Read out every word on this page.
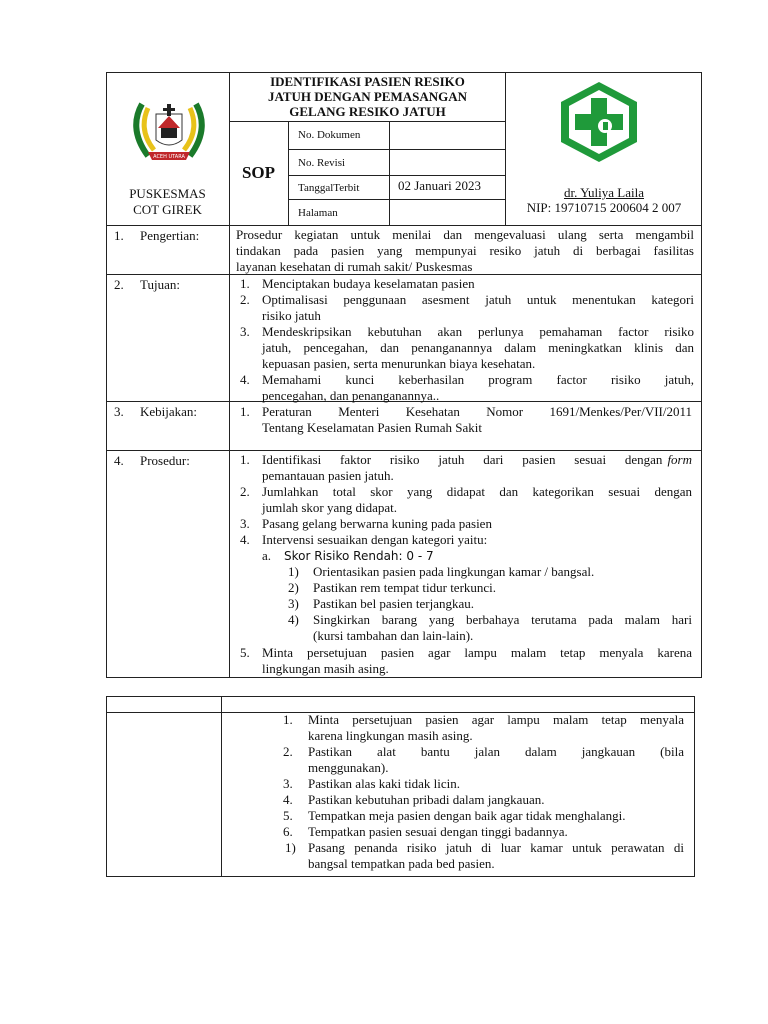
ACEH UTARA
PUSKESMAS
COT GIREK
IDENTIFIKASI PASIEN RESIKO
JATUH DENGAN PEMASANGAN
GELANG RESIKO JATUH
SOP
No. Dokumen
No. Revisi
TanggalTerbit	02 Januari 2023
Halaman
dr. Yuliya Laila
NIP: 19710715 200604 2 007
1. Pengertian:	Prosedur kegiatan untuk menilai dan mengevaluasi ulang serta mengambil
tindakan pada pasien yang mempunyai resiko jatuh di berbagai fasilitas
layanan kesehatan di rumah sakit/ Puskesmas
2. Tujuan:	1. Menciptakan budaya keselamatan pasien
2. Optimalisasi penggunaan asesment jatuh untuk menentukan kategori
risiko jatuh
3. Mendeskripsikan kebutuhan akan perlunya pemahaman factor risiko
jatuh, pencegahan, dan penanganannya dalam meningkatkan klinis dan
kepuasan pasien, serta menurunkan biaya kesehatan.
4. Memahami kunci keberhasilan program factor risiko jatuh,
pencegahan, dan penanganannya..
3. Kebijakan:	1. Peraturan Menteri Kesehatan Nomor 1691/Menkes/Per/VII/2011
Tentang Keselamatan Pasien Rumah Sakit
4. Prosedur:	1. Identifikasi faktor risiko jatuh dari pasien sesuai dengan form
pemantauan pasien jatuh.
2. Jumlahkan total skor yang didapat dan kategorikan sesuai dengan
jumlah skor yang didapat.
3. Pasang gelang berwarna kuning pada pasien
4. Intervensi sesuaikan dengan kategori yaitu:
a. Skor Risiko Rendah: 0 - 7
1) Orientasikan pasien pada lingkungan kamar / bangsal.
2) Pastikan rem tempat tidur terkunci.
3) Pastikan bel pasien terjangkau.
4) Singkirkan barang yang berbahaya terutama pada malam hari
(kursi tambahan dan lain-lain).
5. Minta persetujuan pasien agar lampu malam tetap menyala karena
lingkungan masih asing.
1. Minta persetujuan pasien agar lampu malam tetap menyala
karena lingkungan masih asing.
2. Pastikan alat bantu jalan dalam jangkauan (bila
menggunakan).
3. Pastikan alas kaki tidak licin.
4. Pastikan kebutuhan pribadi dalam jangkauan.
5. Tempatkan meja pasien dengan baik agar tidak menghalangi.
6. Tempatkan pasien sesuai dengan tinggi badannya.
1) Pasang penanda risiko jatuh di luar kamar untuk perawatan di
bangsal tempatkan pada bed pasien.
